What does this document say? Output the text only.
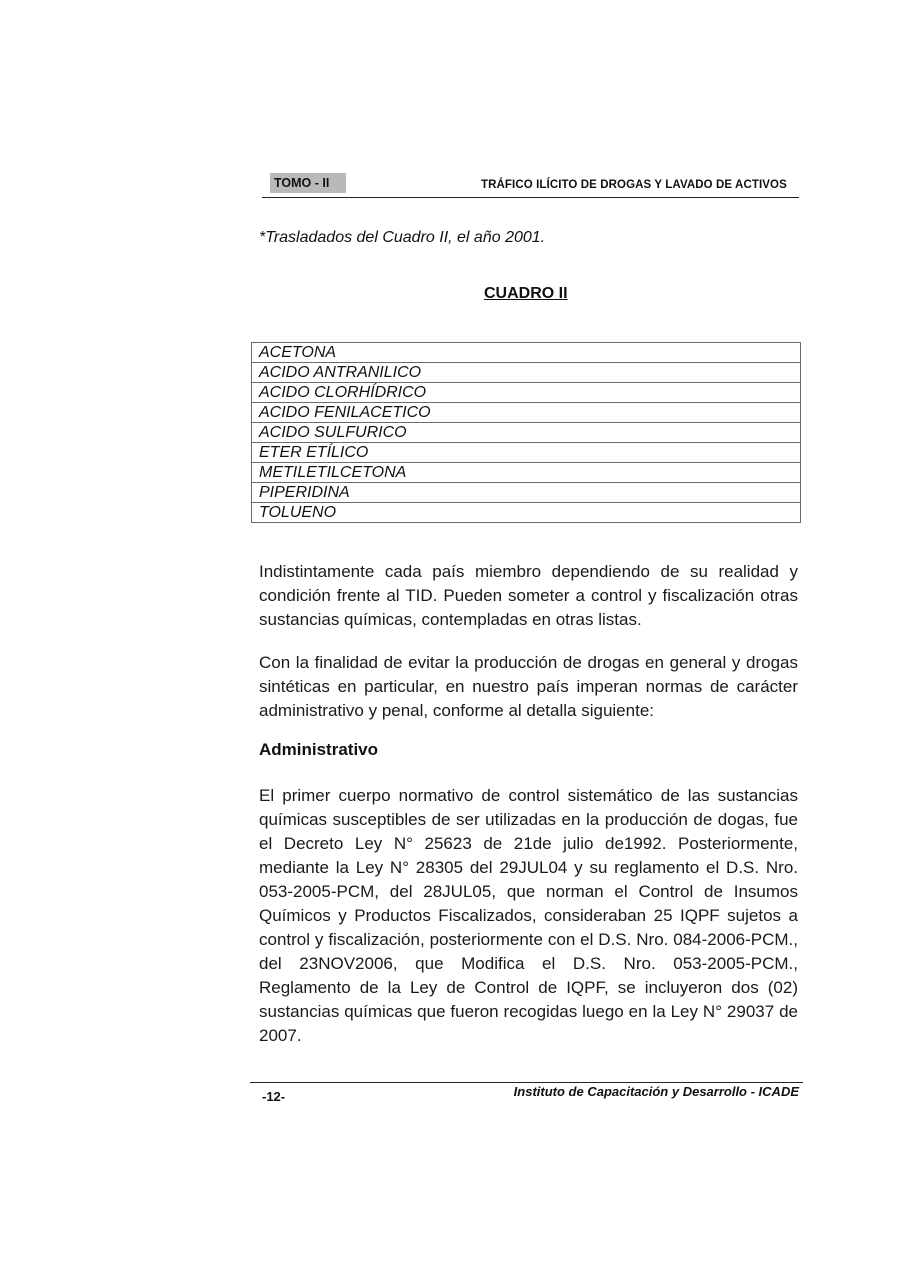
TOMO - II	TRÁFICO ILÍCITO DE DROGAS Y LAVADO DE ACTIVOS
*Trasladados del Cuadro II, el año 2001.
CUADRO II
ACETONA
ACIDO ANTRANILICO
ACIDO CLORHÍDRICO
ACIDO FENILACETICO
ACIDO SULFURICO
ETER ETÍLICO
METILETILCETONA
PIPERIDINA
TOLUENO

Indistintamente cada país miembro dependiendo de su realidad y condición frente al TID. Pueden someter a control y fiscalización otras sustancias químicas, contempladas en otras listas.

Con la finalidad de evitar la producción de drogas en general y drogas sintéticas en particular, en nuestro país imperan normas de carácter administrativo y penal, conforme al detalla siguiente:

Administrativo

El primer cuerpo normativo de control sistemático de las sustancias químicas susceptibles de ser utilizadas en la producción de dogas, fue el Decreto Ley N° 25623 de 21de julio de1992. Posteriormente, mediante la Ley N° 28305 del 29JUL04 y su reglamento el D.S. Nro. 053-2005-PCM, del 28JUL05, que norman el Control de Insumos Químicos y Productos Fiscalizados, consideraban 25 IQPF sujetos a control y fiscalización, posteriormente con el D.S. Nro. 084-2006-PCM., del 23NOV2006, que Modifica el D.S. Nro. 053-2005-PCM., Reglamento de la Ley de Control de IQPF, se incluyeron dos (02) sustancias químicas que fueron recogidas luego en la Ley N° 29037 de 2007.

-12-	Instituto de Capacitación y Desarrollo - ICADE
